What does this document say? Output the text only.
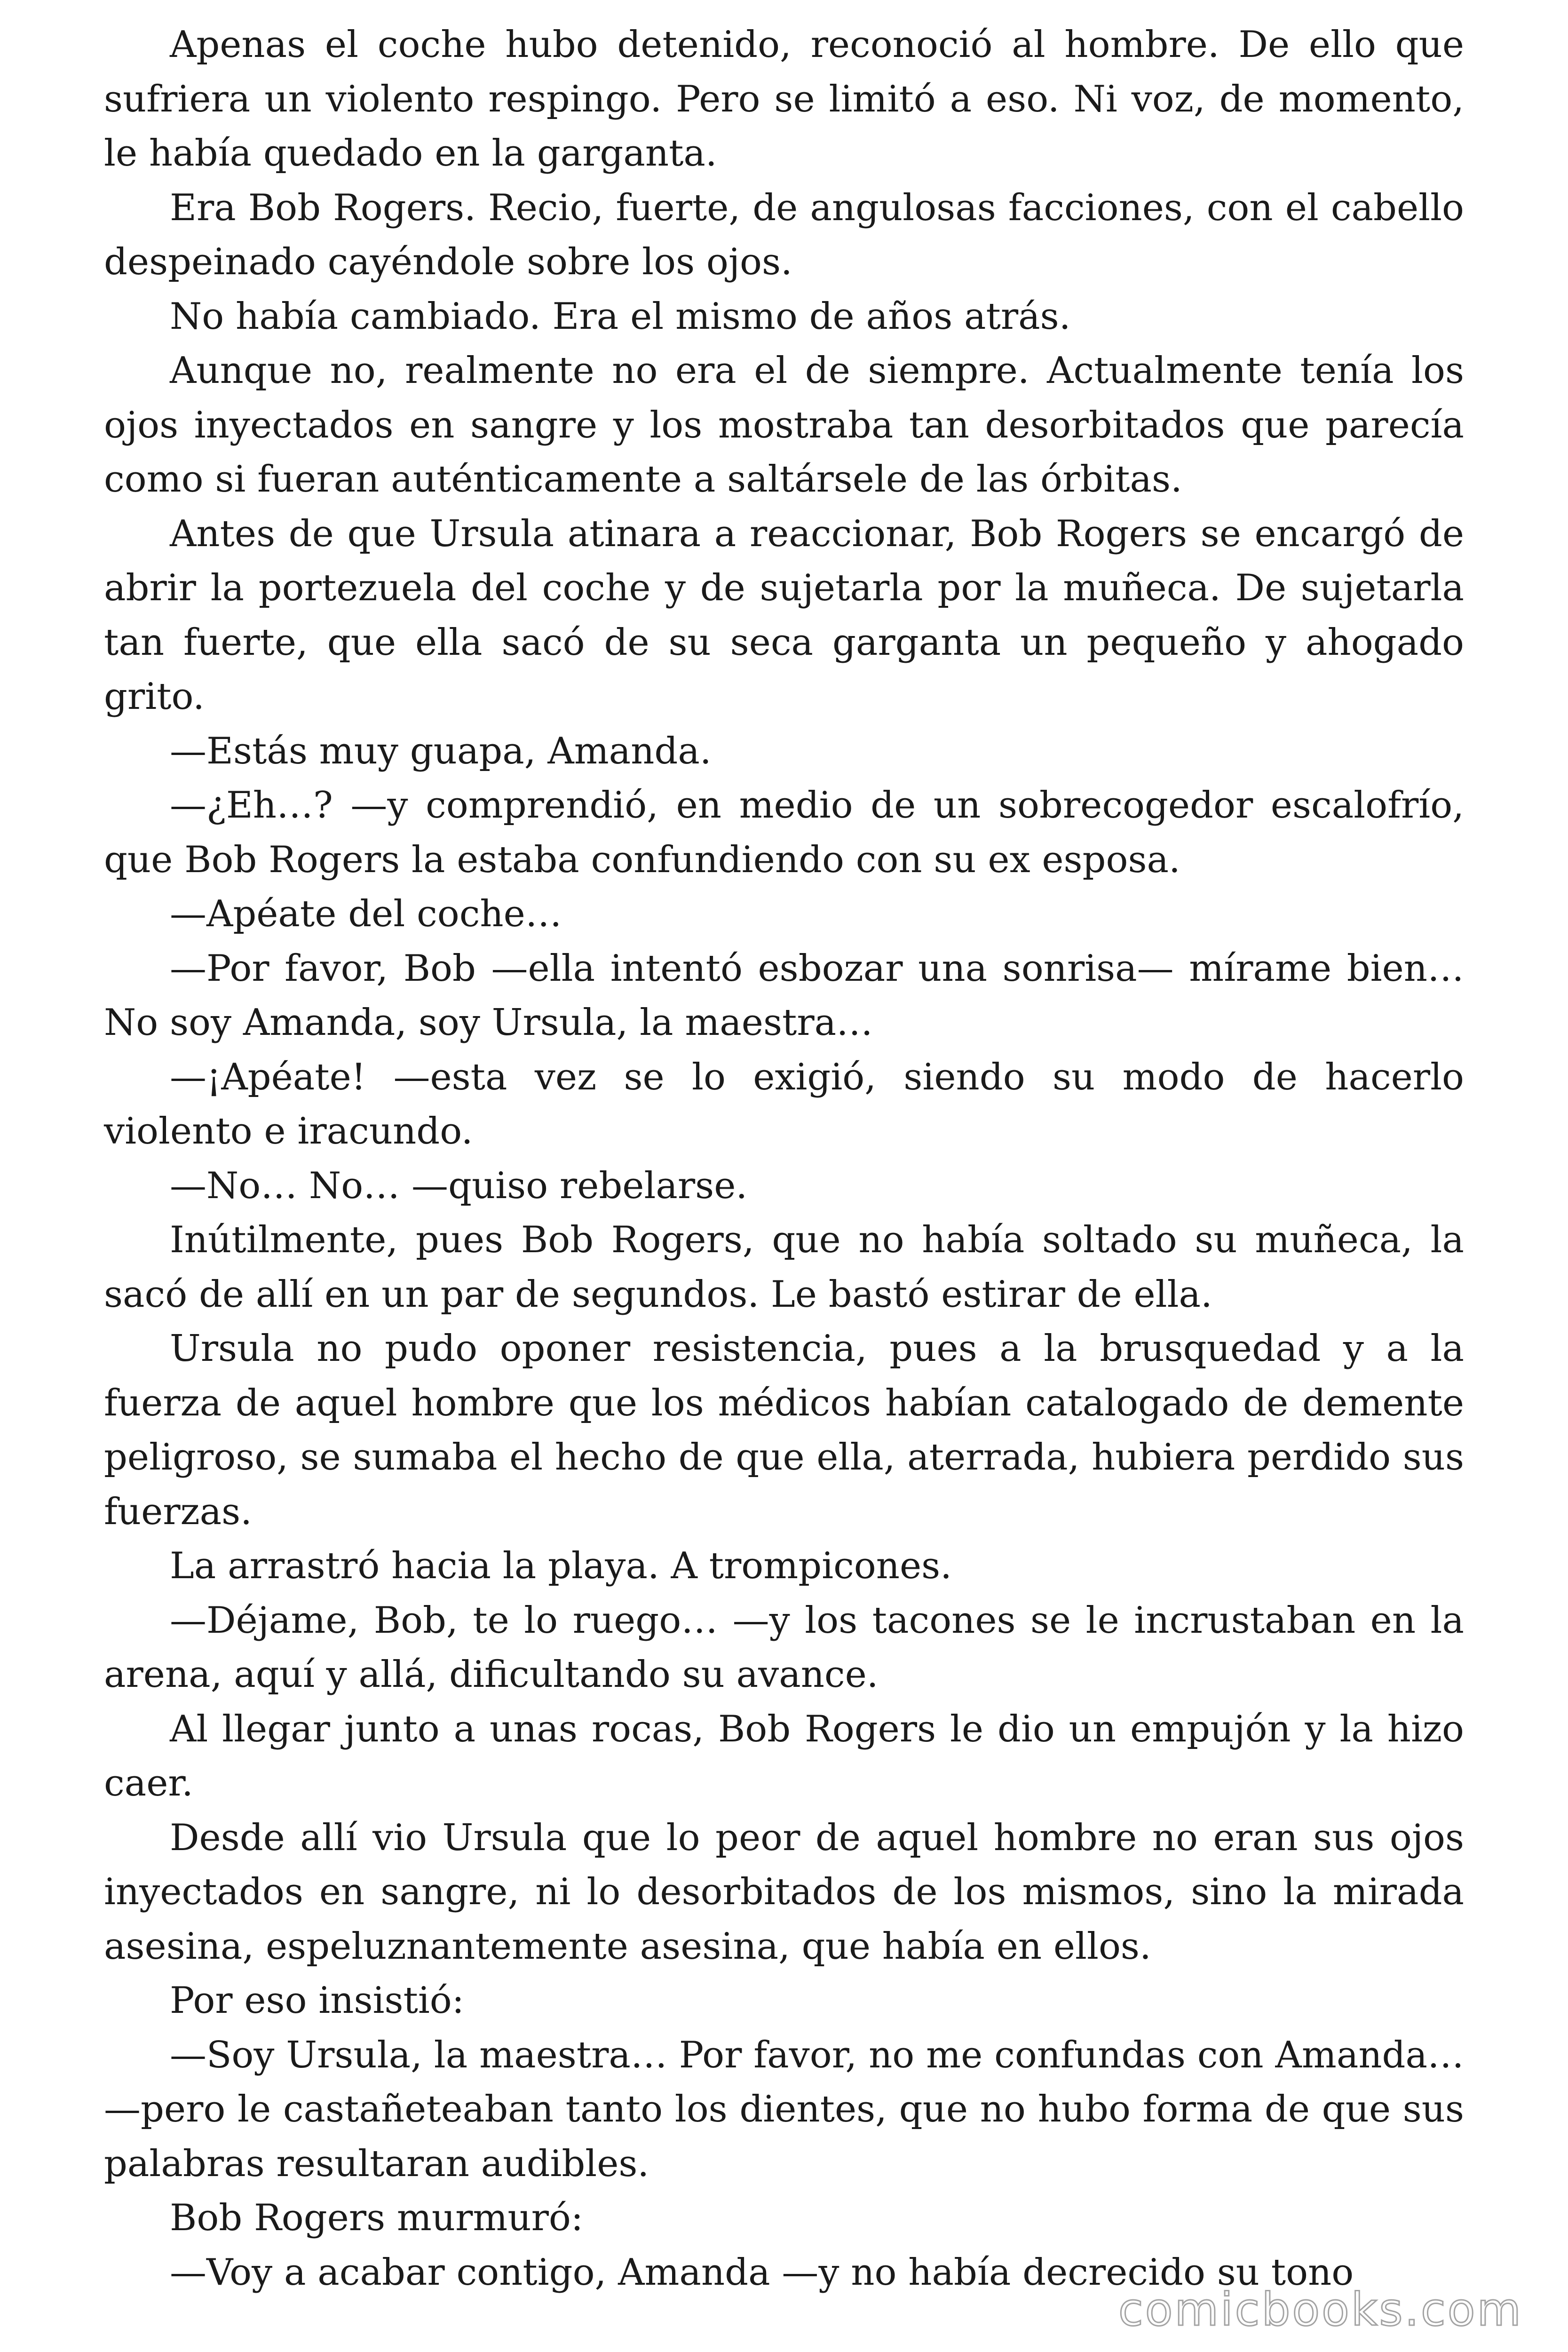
Apenas el coche hubo detenido, reconoció al hombre. De ello que sufriera un violento respingo. Pero se limitó a eso. Ni voz, de momento, le había quedado en la garganta.

Era Bob Rogers. Recio, fuerte, de angulosas facciones, con el cabello despeinado cayéndole sobre los ojos.

No había cambiado. Era el mismo de años atrás.

Aunque no, realmente no era el de siempre. Actualmente tenía los ojos inyectados en sangre y los mostraba tan desorbitados que parecía como si fueran auténticamente a saltársele de las órbitas.

Antes de que Ursula atinara a reaccionar, Bob Rogers se encargó de abrir la portezuela del coche y de sujetarla por la muñeca. De sujetarla tan fuerte, que ella sacó de su seca garganta un pequeño y ahogado grito.

—Estás muy guapa, Amanda.

—¿Eh…? —y comprendió, en medio de un sobrecogedor escalofrío, que Bob Rogers la estaba confundiendo con su ex esposa.

—Apéate del coche…

—Por favor, Bob —ella intentó esbozar una sonrisa— mírame bien… No soy Amanda, soy Ursula, la maestra…

—¡Apéate! —esta vez se lo exigió, siendo su modo de hacerlo violento e iracundo.

—No… No… —quiso rebelarse.

Inútilmente, pues Bob Rogers, que no había soltado su muñeca, la sacó de allí en un par de segundos. Le bastó estirar de ella.

Ursula no pudo oponer resistencia, pues a la brusquedad y a la fuerza de aquel hombre que los médicos habían catalogado de demente peligroso, se sumaba el hecho de que ella, aterrada, hubiera perdido sus fuerzas.

La arrastró hacia la playa. A trompicones.

—Déjame, Bob, te lo ruego… —y los tacones se le incrustaban en la arena, aquí y allá, dificultando su avance.

Al llegar junto a unas rocas, Bob Rogers le dio un empujón y la hizo caer.

Desde allí vio Ursula que lo peor de aquel hombre no eran sus ojos inyectados en sangre, ni lo desorbitados de los mismos, sino la mirada asesina, espeluznantemente asesina, que había en ellos.

Por eso insistió:

—Soy Ursula, la maestra… Por favor, no me confundas con Amanda… —pero le castañeteaban tanto los dientes, que no hubo forma de que sus palabras resultaran audibles.

Bob Rogers murmuró:

—Voy a acabar contigo, Amanda —y no había decrecido su tono

comicbooks.com
